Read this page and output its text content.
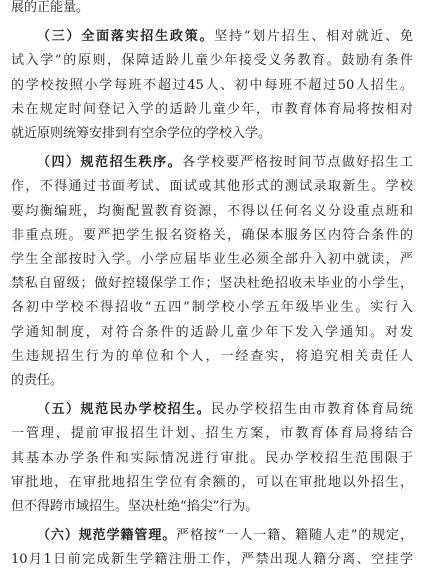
展的正能量。
（三）全面落实招生政策。坚持“划片招生、相对就近、免
试入学”的原则，保障适龄儿童少年接受义务教育。鼓励有条件
的学校按照小学每班不超过45人、初中每班不超过50人招生。
未在规定时间登记入学的适龄儿童少年，市教育体育局将按相对
就近原则统筹安排到有空余学位的学校入学。
（四）规范招生秩序。各学校要严格按时间节点做好招生工
作，不得通过书面考试、面试或其他形式的测试录取新生。学校
要均衡编班，均衡配置教育资源，不得以任何名义分设重点班和
非重点班。要严把学生报名资格关，确保本服务区内符合条件的
学生全部按时入学。小学应届毕业生必须全部升入初中就读，严
禁私自留级；做好控辍保学工作；坚决杜绝招收未毕业的小学生，
各初中学校不得招收“五四”制学校小学五年级毕业生。实行入
学通知制度，对符合条件的适龄儿童少年下发入学通知。对发
生违规招生行为的单位和个人，一经查实，将追究相关责任人
的责任。
（五）规范民办学校招生。民办学校招生由市教育体育局统
一管理，提前审报招生计划、招生方案，市教育体育局将结合
其基本办学条件和实际情况进行审批。民办学校招生范围限于
审批地，在审批地招生学位有余额的，可以在审批地以外招生，
但不得跨市域招生。坚决杜绝“掐尖”行为。
（六）规范学籍管理。严格按“一人一籍、籍随人走”的规定，
10月1日前完成新生学籍注册工作，严禁出现人籍分离、空挂学
